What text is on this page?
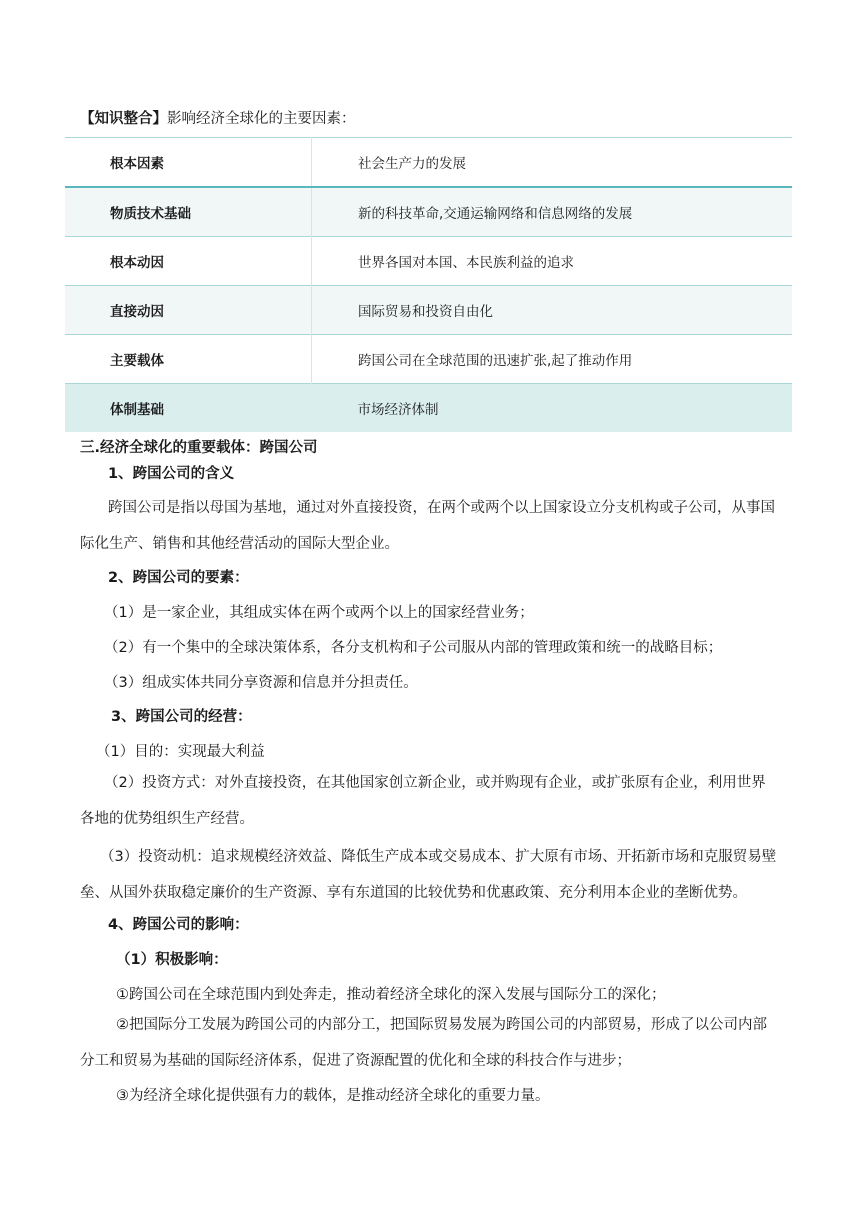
【知识整合】影响经济全球化的主要因素：
根本因素	社会生产力的发展
物质技术基础	新的科技革命,交通运输网络和信息网络的发展
根本动因	世界各国对本国、本民族利益的追求
直接动因	国际贸易和投资自由化
主要载体	跨国公司在全球范围的迅速扩张,起了推动作用
体制基础	市场经济体制
三.经济全球化的重要载体：跨国公司
1、跨国公司的含义
跨国公司是指以母国为基地，通过对外直接投资，在两个或两个以上国家设立分支机构或子公司，从事国际化生产、销售和其他经营活动的国际大型企业。
2、跨国公司的要素：
（1）是一家企业，其组成实体在两个或两个以上的国家经营业务；
（2）有一个集中的全球决策体系，各分支机构和子公司服从内部的管理政策和统一的战略目标；
（3）组成实体共同分享资源和信息并分担责任。
3、跨国公司的经营：
（1）目的：实现最大利益
（2）投资方式：对外直接投资，在其他国家创立新企业，或并购现有企业，或扩张原有企业，利用世界各地的优势组织生产经营。
（3）投资动机：追求规模经济效益、降低生产成本或交易成本、扩大原有市场、开拓新市场和克服贸易壁垒、从国外获取稳定廉价的生产资源、享有东道国的比较优势和优惠政策、充分利用本企业的垄断优势。
4、跨国公司的影响：
（1）积极影响：
①跨国公司在全球范围内到处奔走，推动着经济全球化的深入发展与国际分工的深化；
②把国际分工发展为跨国公司的内部分工，把国际贸易发展为跨国公司的内部贸易，形成了以公司内部分工和贸易为基础的国际经济体系，促进了资源配置的优化和全球的科技合作与进步；
③为经济全球化提供强有力的载体，是推动经济全球化的重要力量。
